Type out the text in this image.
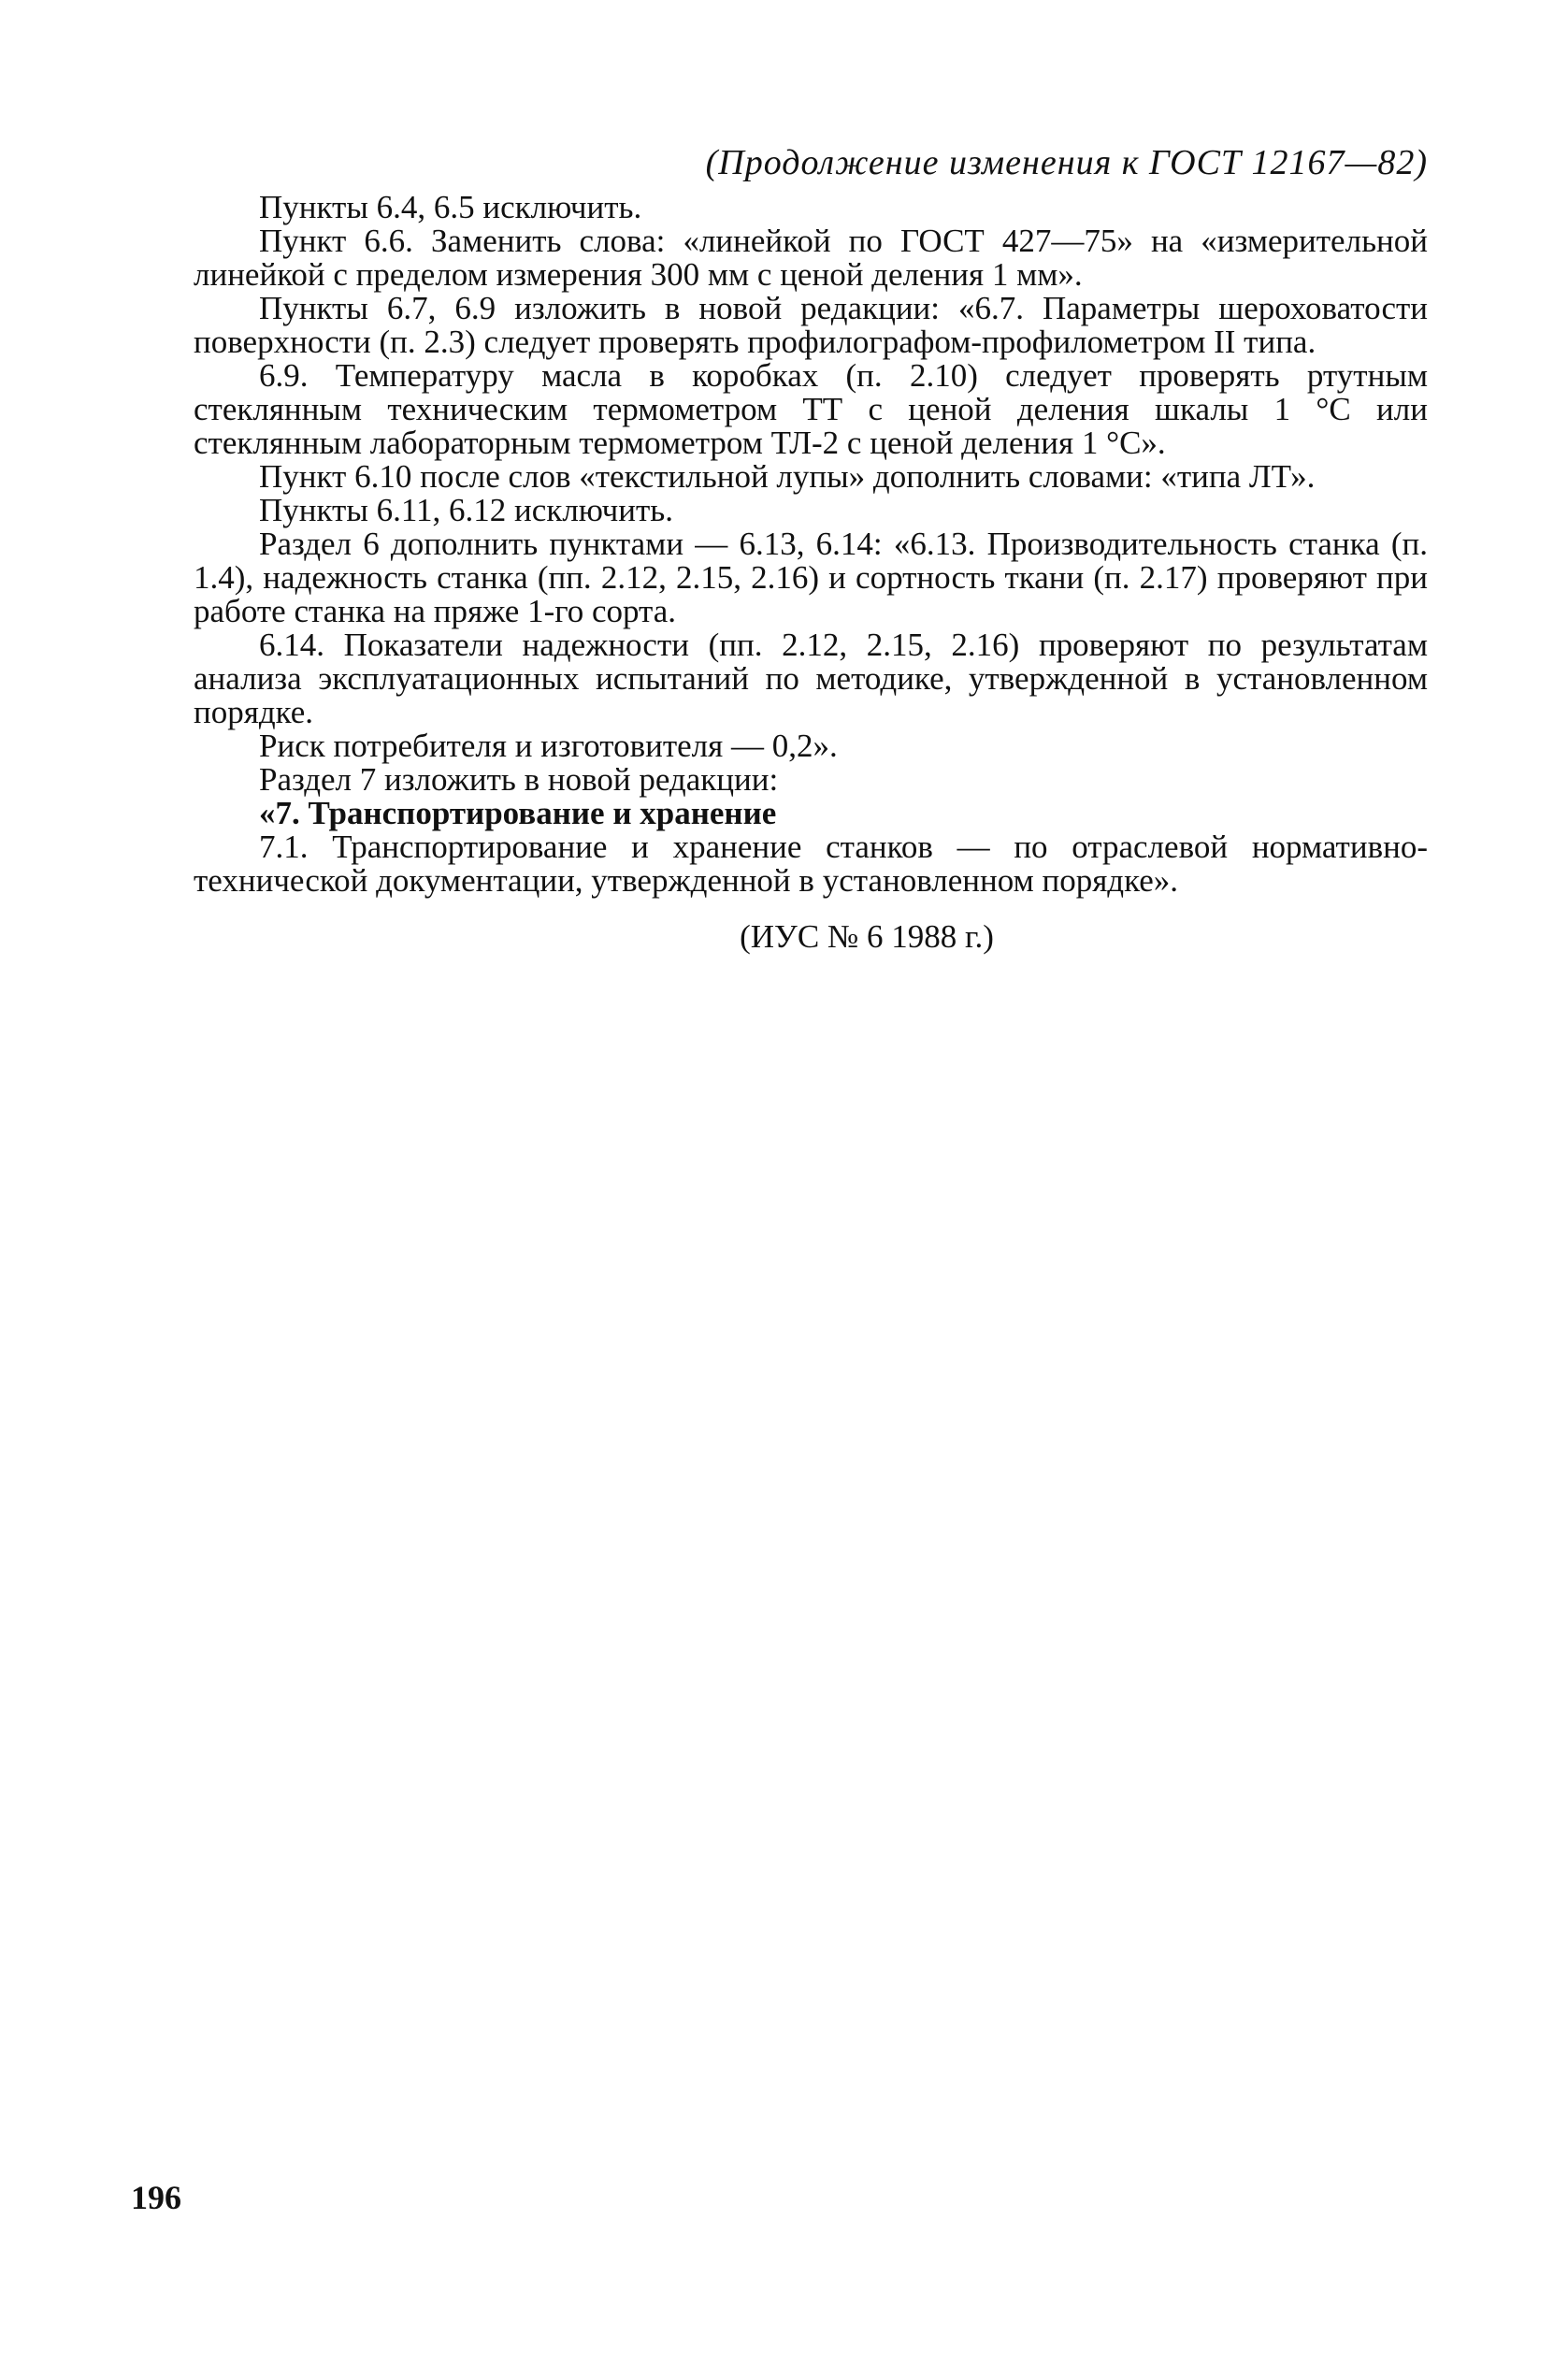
(Продолжение изменения к ГОСТ 12167—82)
Пункты 6.4, 6.5 исключить.
Пункт 6.6. Заменить слова: «линейкой по ГОСТ 427—75» на «измерительной линейкой с пределом измерения 300 мм с ценой деления 1 мм».
Пункты 6.7, 6.9 изложить в новой редакции: «6.7. Параметры шероховатости поверхности (п. 2.3) следует проверять профилографом-профилометром II типа.
6.9. Температуру масла в коробках (п. 2.10) следует проверять ртутным стеклянным техническим термометром ТТ с ценой деления шкалы 1 °С или стеклянным лабораторным термометром ТЛ-2 с ценой деления 1 °С».
Пункт 6.10 после слов «текстильной лупы» дополнить словами: «типа ЛТ».
Пункты 6.11, 6.12 исключить.
Раздел 6 дополнить пунктами — 6.13, 6.14: «6.13. Производительность станка (п. 1.4), надежность станка (пп. 2.12, 2.15, 2.16) и сортность ткани (п. 2.17) проверяют при работе станка на пряже 1-го сорта.
6.14. Показатели надежности (пп. 2.12, 2.15, 2.16) проверяют по результатам анализа эксплуатационных испытаний по методике, утвержденной в установленном порядке.
Риск потребителя и изготовителя — 0,2».
Раздел 7 изложить в новой редакции:
«7. Транспортирование и хранение
7.1. Транспортирование и хранение станков — по отраслевой нормативно-технической документации, утвержденной в установленном порядке».
(ИУС № 6 1988 г.)
196
